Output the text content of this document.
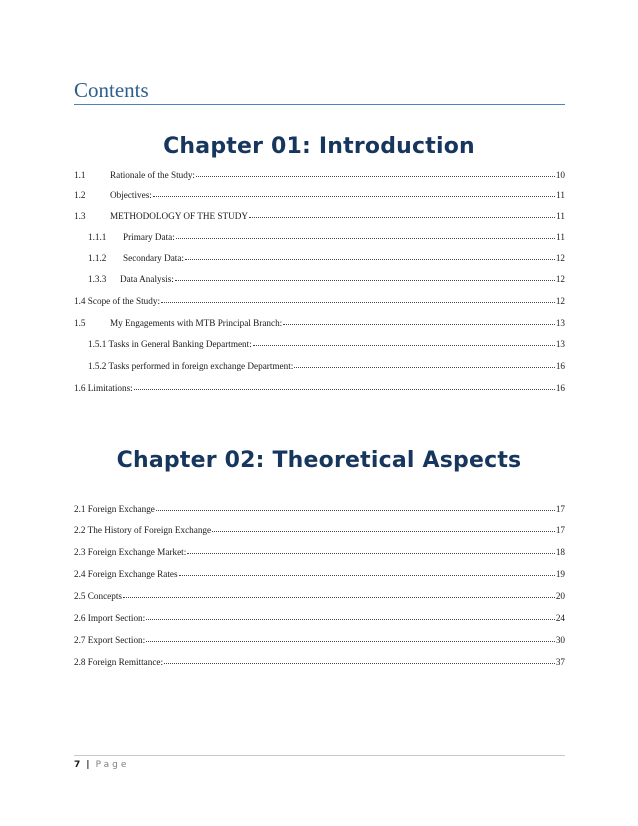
Contents
Chapter 01: Introduction
1.1	Rationale of the Study:	10
1.2	Objectives:	11
1.3	METHODOLOGY OF THE STUDY	11
1.1.1	Primary Data:	11
1.1.2	Secondary Data:	12
1.3.3	Data Analysis:	12
1.4 Scope of the Study:	12
1.5	My Engagements with MTB Principal Branch:	13
1.5.1 Tasks in General Banking Department:	13
1.5.2 Tasks performed in foreign exchange Department:	16
1.6 Limitations:	16
Chapter 02: Theoretical Aspects
2.1 Foreign Exchange	17
2.2 The History of Foreign Exchange	17
2.3 Foreign Exchange Market:	18
2.4 Foreign Exchange Rates	19
2.5 Concepts	20
2.6 Import Section:	24
2.7 Export Section:	30
2.8 Foreign Remittance:	37
7 | Page
